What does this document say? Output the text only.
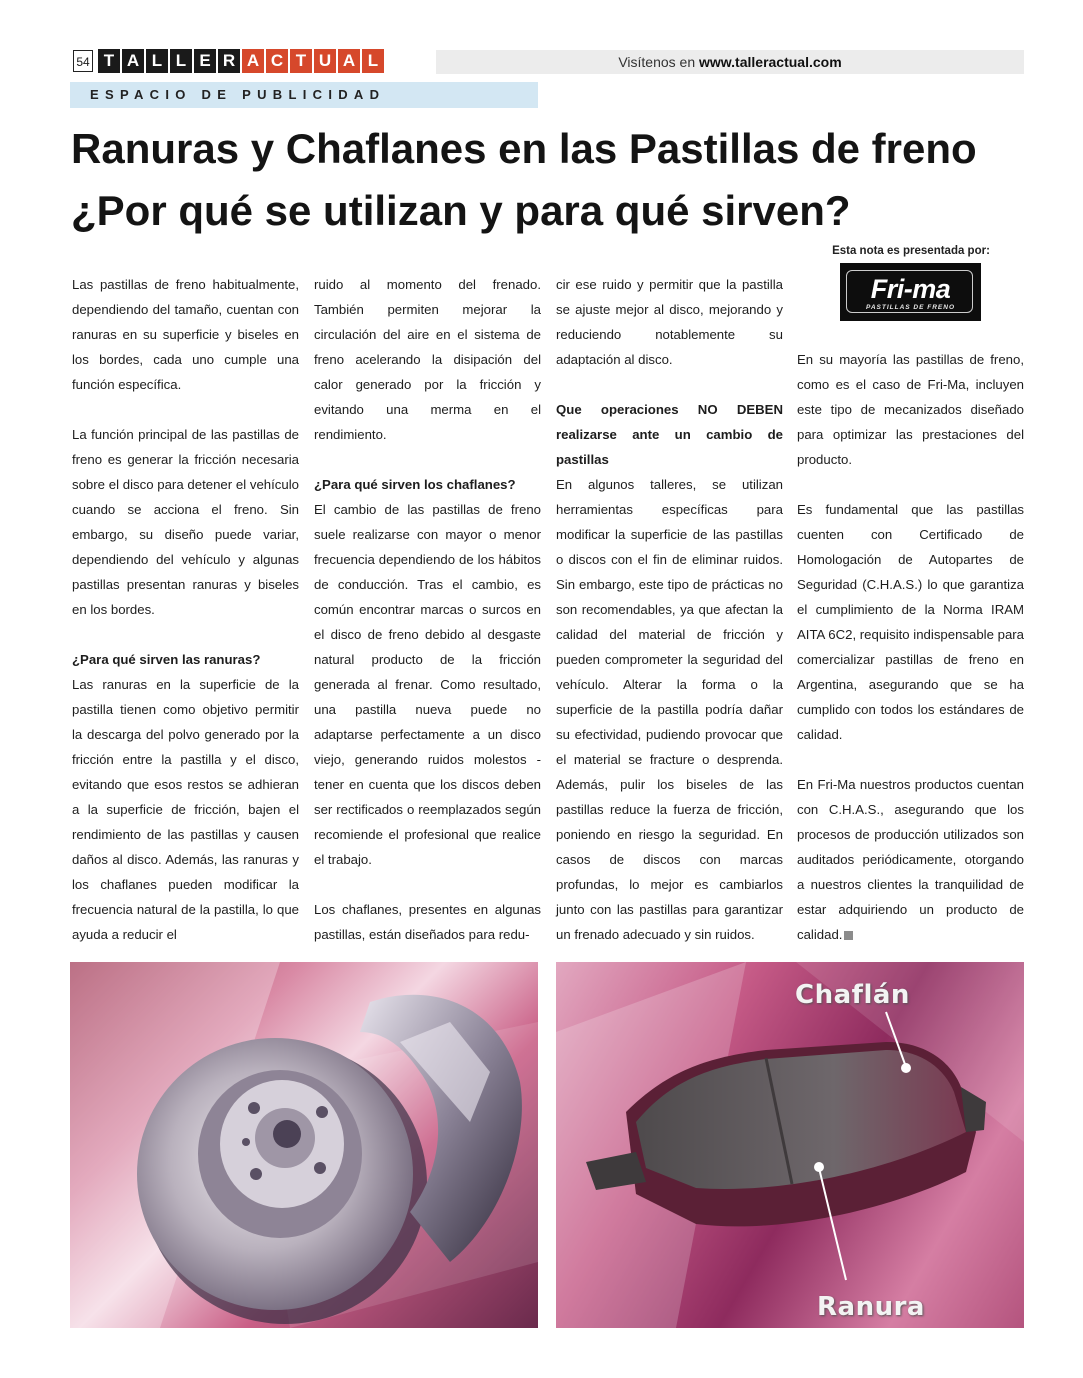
54 T A L L E R A C T U A L	Visítenos en www.talleractual.com
ESPACIO DE PUBLICIDAD
Ranuras y Chaflanes en las Pastillas de freno
¿Por qué se utilizan y para qué sirven?
Esta nota es presentada por:
Fri-ma
PASTILLAS DE FRENO

Las pastillas de freno habitualmente, dependiendo del tamaño, cuentan con ranuras en su superficie y biseles en los bordes, cada uno cumple una función específica.

La función principal de las pastillas de freno es generar la fricción necesaria sobre el disco para detener el vehículo cuando se acciona el freno. Sin embargo, su diseño puede variar, dependiendo del vehículo y algunas pastillas presentan ranuras y biseles en los bordes.

¿Para qué sirven las ranuras?
Las ranuras en la superficie de la pastilla tienen como objetivo permitir la descarga del polvo generado por la fricción entre la pastilla y el disco, evitando que esos restos se adhieran a la superficie de fricción, bajen el rendimiento de las pastillas y causen daños al disco. Además, las ranuras y los chaflanes pueden modificar la frecuencia natural de la pastilla, lo que ayuda a reducir el

ruido al momento del frenado. También permiten mejorar la circulación del aire en el sistema de freno acelerando la disipación del calor generado por la fricción y evitando una merma en el rendimiento.

¿Para qué sirven los chaflanes?
El cambio de las pastillas de freno suele realizarse con mayor o menor frecuencia dependiendo de los hábitos de conducción. Tras el cambio, es común encontrar marcas o surcos en el disco de freno debido al desgaste natural producto de la fricción generada al frenar. Como resultado, una pastilla nueva puede no adaptarse perfectamente a un disco viejo, generando ruidos molestos - tener en cuenta que los discos deben ser rectificados o reemplazados según recomiende el profesional que realice el trabajo.

Los chaflanes, presentes en algunas pastillas, están diseñados para redu-

cir ese ruido y permitir que la pastilla se ajuste mejor al disco, mejorando y reduciendo notablemente su adaptación al disco.

Que operaciones NO DEBEN realizarse ante un cambio de pastillas
En algunos talleres, se utilizan herramientas específicas para modificar la superficie de las pastillas o discos con el fin de eliminar ruidos. Sin embargo, este tipo de prácticas no son recomendables, ya que afectan la calidad del material de fricción y pueden comprometer la seguridad del vehículo. Alterar la forma o la superficie de la pastilla podría dañar su efectividad, pudiendo provocar que el material se fracture o desprenda. Además, pulir los biseles de las pastillas reduce la fuerza de fricción, poniendo en riesgo la seguridad. En casos de discos con marcas profundas, lo mejor es cambiarlos junto con las pastillas para garantizar un frenado adecuado y sin ruidos.

En su mayoría las pastillas de freno, como es el caso de Fri-Ma, incluyen este tipo de mecanizados diseñado para optimizar las prestaciones del producto.

Es fundamental que las pastillas cuenten con Certificado de Homologación de Autopartes de Seguridad (C.H.A.S.) lo que garantiza el cumplimiento de la Norma IRAM AITA 6C2, requisito indispensable para comercializar pastillas de freno en Argentina, asegurando que se ha cumplido con todos los estándares de calidad.

En Fri-Ma nuestros productos cuentan con C.H.A.S., asegurando que los procesos de producción utilizados son auditados periódicamente, otorgando a nuestros clientes la tranquilidad de estar adquiriendo un producto de calidad.

Chaflán
Ranura
